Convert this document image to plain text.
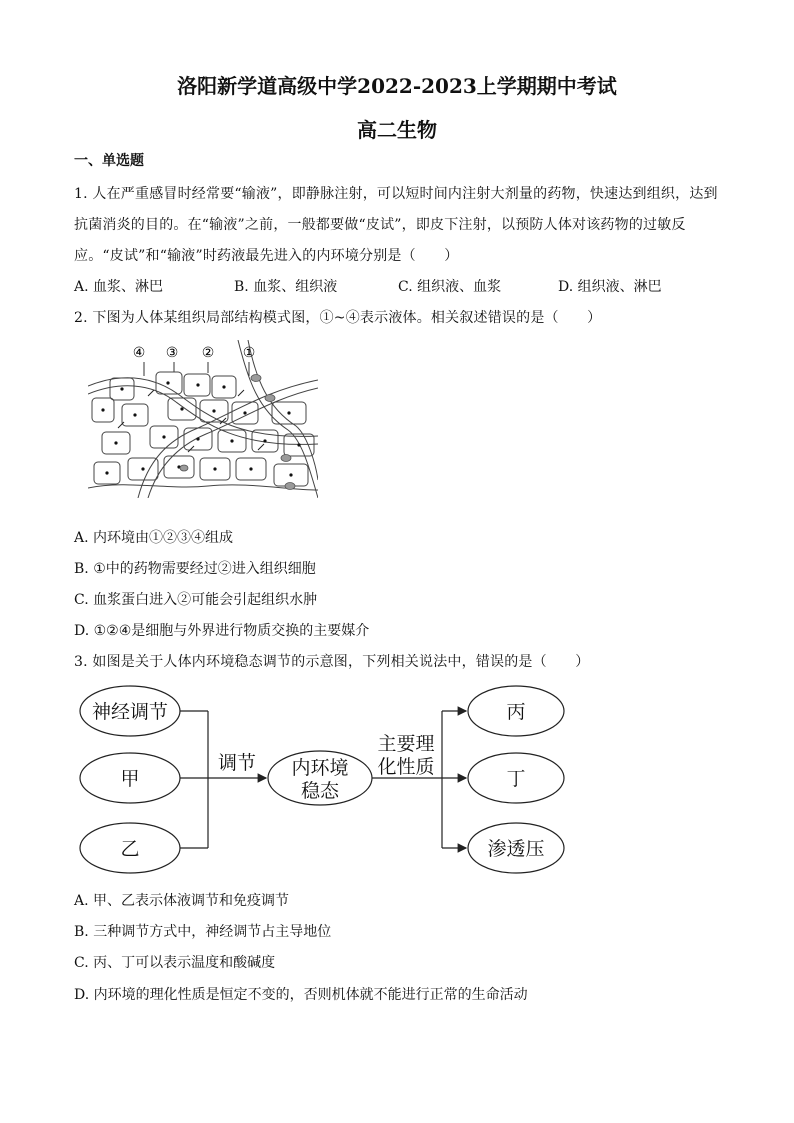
洛阳新学道高级中学2022-2023上学期期中考试
高二生物
一、单选题
1. 人在严重感冒时经常要“输液”，即静脉注射，可以短时间内注射大剂量的药物，快速达到组织，达到
抗菌消炎的目的。在“输液”之前，一般都要做“皮试”，即皮下注射，以预防人体对该药物的过敏反
应。“皮试”和“输液”时药液最先进入的内环境分别是（　　）
A. 血浆、淋巴	B. 血浆、组织液	C. 组织液、血浆	D. 组织液、淋巴
2. 下图为人体某组织局部结构模式图，①~④表示液体。相关叙述错误的是（　　）
④ ③ ② ①
A. 内环境由①②③④组成
B. ①中的药物需要经过②进入组织细胞
C. 血浆蛋白进入②可能会引起组织水肿
D. ①②④是细胞与外界进行物质交换的主要媒介
3. 如图是关于人体内环境稳态调节的示意图，下列相关说法中，错误的是（　　）
神经调节
甲
乙
调节 内环境
稳态
主要理
化性质
丙
丁
渗透压
A. 甲、乙表示体液调节和免疫调节
B. 三种调节方式中，神经调节占主导地位
C. 丙、丁可以表示温度和酸碱度
D. 内环境的理化性质是恒定不变的，否则机体就不能进行正常的生命活动
